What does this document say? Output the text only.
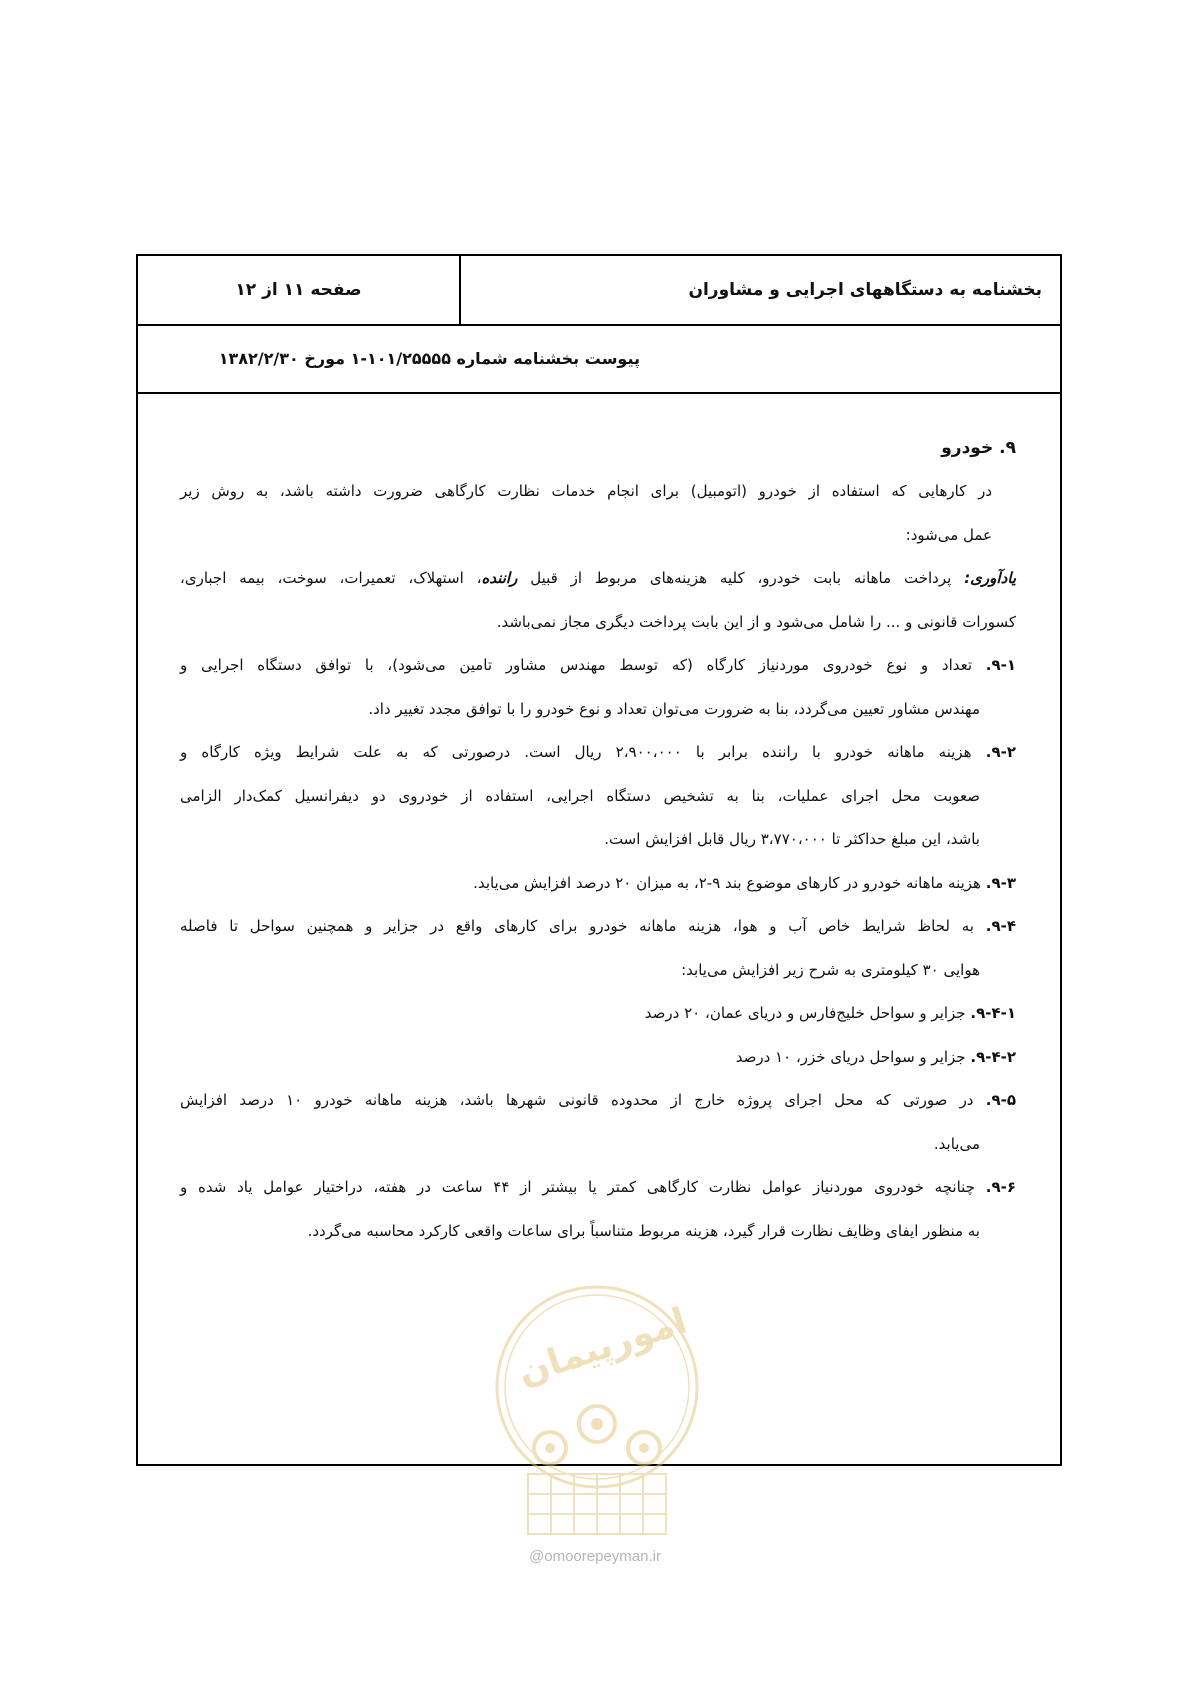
بخشنامه به دستگاههای اجرایی و مشاوران
صفحه ۱۱ از ۱۲
پیوست بخشنامه شماره ۱۰۱/۲۵۵۵۵-۱ مورخ ۱۳۸۲/۲/۳۰
۹. خودرو
در کارهایی که استفاده از خودرو (اتومبیل) برای انجام خدمات نظارت کارگاهی ضرورت داشته باشد، به روش زیر
عمل می‌شود:
یادآوری: پرداخت ماهانه بابت خودرو، کلیه هزینه‌های مربوط از قبیل راننده، استهلاک، تعمیرات، سوخت، بیمه اجباری،
کسورات قانونی و ... را شامل می‌شود و از این بابت پرداخت دیگری مجاز نمی‌باشد.
۹-۱. تعداد و نوع خودروی موردنیاز کارگاه (که توسط مهندس مشاور تامین می‌شود)، با توافق دستگاه اجرایی و
مهندس مشاور تعیین می‌گردد، بنا به ضرورت می‌توان تعداد و نوع خودرو را با توافق مجدد تغییر داد.
۹-۲. هزینه ماهانه خودرو با راننده برابر با ۲،۹۰۰،۰۰۰ ریال است. درصورتی که به علت شرایط ویژه کارگاه و
صعوبت محل اجرای عملیات، بنا به تشخیص دستگاه اجرایی، استفاده از خودروی دو دیفرانسیل کمک‌دار الزامی
باشد، این مبلغ حداکثر تا ۳،۷۷۰،۰۰۰ ریال قابل افزایش است.
۹-۳. هزینه ماهانه خودرو در کارهای موضوع بند ۹-۲، به میزان ۲۰ درصد افزایش می‌یابد.
۹-۴. به لحاظ شرایط خاص آب و هوا، هزینه ماهانه خودرو برای کارهای واقع در جزایر و همچنین سواحل تا فاصله
هوایی ۳۰ کیلومتری به شرح زیر افزایش می‌یابد:
۹-۴-۱. جزایر و سواحل خلیج‌فارس و دریای عمان، ۲۰ درصد
۹-۴-۲. جزایر و سواحل دریای خزر، ۱۰ درصد
۹-۵. در صورتی که محل اجرای پروژه خارج از محدوده قانونی شهرها باشد، هزینه ماهانه خودرو ۱۰ درصد افزایش
می‌یابد.
۹-۶. چنانچه خودروی موردنیاز عوامل نظارت کارگاهی کمتر یا بیشتر از ۴۴ ساعت در هفته، دراختیار عوامل یاد شده و
به منظور ایفای وظایف نظارت قرار گیرد، هزینه مربوط متناسباً برای ساعات واقعی کارکرد محاسبه می‌گردد.
امورپیمان
@omoorepeyman.ir
